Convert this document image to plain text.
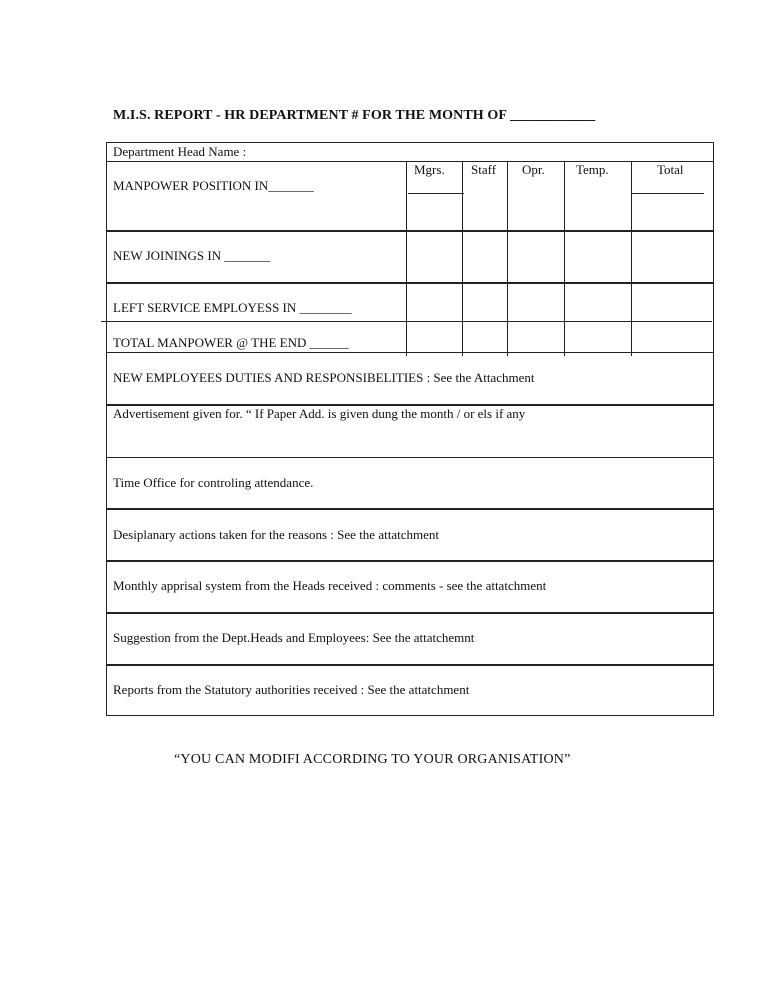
M.I.S. REPORT - HR DEPARTMENT # FOR THE MONTH OF ____________
Department Head Name :
MANPOWER POSITION IN_______
Mgrs. Staff Opr. Temp.	Total
NEW JOININGS IN _______
LEFT SERVICE EMPLOYESS IN ________
TOTAL MANPOWER @ THE END ______
NEW EMPLOYEES DUTIES AND RESPONSIBELITIES : See the Attachment
Advertisement given for. “ If Paper Add. is given dung the month / or els if any
Time Office for controling attendance.
Desiplanary actions taken for the reasons : See the attatchment
Monthly apprisal system from the Heads received : comments - see the attatchment
Suggestion from the Dept.Heads and Employees: See the attatchemnt
Reports from the Statutory authorities received : See the attatchment
“YOU CAN MODIFI ACCORDING TO YOUR ORGANISATION”
